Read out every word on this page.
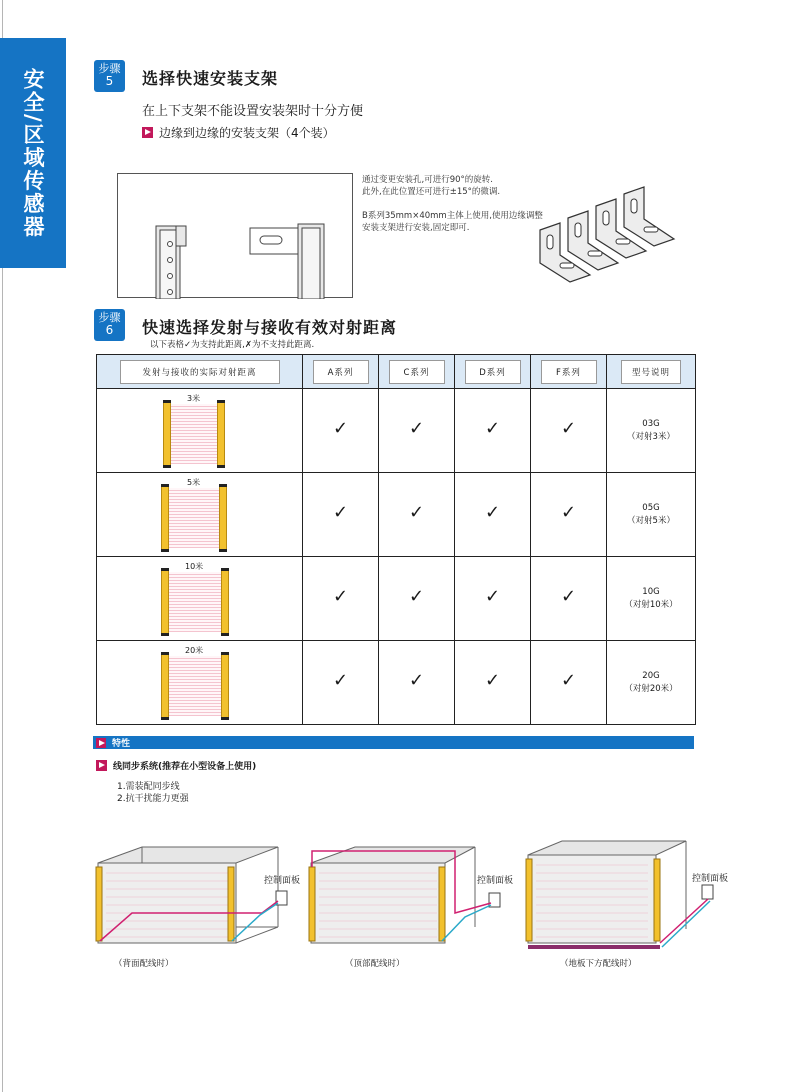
安全/区域传感器	步骤
5	选择快速安装支架
在上下支架不能设置安装架时十分方便
边缘到边缘的安装支架（4个装）
通过变更安装孔,可进行90°的旋转.
此外,在此位置还可进行±15°的微调.
B系列35mm×40mm主体上使用,使用边缘调整
安装支架进行安装,固定即可.
步骤
6	快速选择发射与接收有效对射距离
以下表格✓为支持此距离,✗为不支持此距离.
发射与接收的实际对射距离	A系列	C系列	D系列	F系列	型号说明

3米	✓	✓	✓	✓	03G
（对射3米）

5米	✓	✓	✓	✓	05G
（对射5米）

10米	✓	✓	✓	✓	10G
（对射10米）

20米	✓	✓	✓	✓	20G
（对射20米）
特性
线同步系统(推荐在小型设备上使用)
1.需装配同步线
2.抗干扰能力更强
控制面板
（背面配线时）
控制面板
（顶部配线时）
控制面板
（地板下方配线时）
